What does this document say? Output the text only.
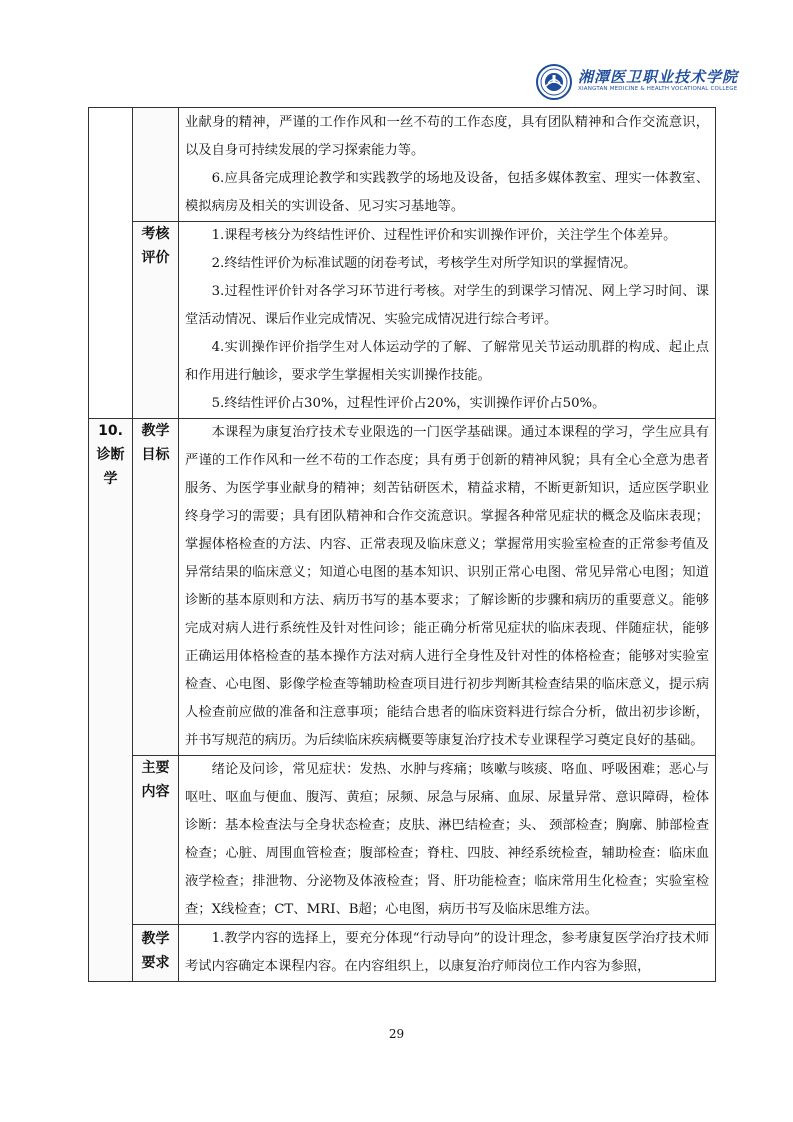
湘潭医卫职业技术学院
XIANGTAN MEDICINE & HEALTH VOCATIONAL COLLEGE

		业献身的精神，严谨的工作作风和一丝不苟的工作态度，具有团队精神和合作交流意识，以及自身可持续发展的学习探索能力等。

6.应具备完成理论教学和实践教学的场地及设备，包括多媒体教室、理实一体教室、模拟病房及相关的实训设备、见习实习基地等。

	考核评价	1.课程考核分为终结性评价、过程性评价和实训操作评价，关注学生个体差异。

2.终结性评价为标准试题的闭卷考试，考核学生对所学知识的掌握情况。

3.过程性评价针对各学习环节进行考核。对学生的到课学习情况、网上学习时间、课堂活动情况、课后作业完成情况、实验完成情况进行综合考评。

4.实训操作评价指学生对人体运动学的了解、了解常见关节运动肌群的构成、起止点和作用进行触诊，要求学生掌握相关实训操作技能。

5.终结性评价占30%，过程性评价占20%，实训操作评价占50%。

10.
诊断学	教学目标	本课程为康复治疗技术专业限选的一门医学基础课。通过本课程的学习，学生应具有严谨的工作作风和一丝不苟的工作态度；具有勇于创新的精神风貌；具有全心全意为患者服务、为医学事业献身的精神；刻苦钻研医术，精益求精，不断更新知识，适应医学职业终身学习的需要；具有团队精神和合作交流意识。掌握各种常见症状的概念及临床表现；掌握体格检查的方法、内容、正常表现及临床意义；掌握常用实验室检查的正常参考值及异常结果的临床意义；知道心电图的基本知识、识别正常心电图、常见异常心电图；知道诊断的基本原则和方法、病历书写的基本要求；了解诊断的步骤和病历的重要意义。能够完成对病人进行系统性及针对性问诊；能正确分析常见症状的临床表现、伴随症状，能够正确运用体格检查的基本操作方法对病人进行全身性及针对性的体格检查；能够对实验室检查、心电图、影像学检查等辅助检查项目进行初步判断其检查结果的临床意义，提示病人检查前应做的准备和注意事项；能结合患者的临床资料进行综合分析，做出初步诊断，并书写规范的病历。为后续临床疾病概要等康复治疗技术专业课程学习奠定良好的基础。

	主要内容	绪论及问诊，常见症状：发热、水肿与疼痛；咳嗽与咳痰、咯血、呼吸困难；恶心与呕吐、呕血与便血、腹泻、黄疸；尿频、尿急与尿痛、血尿、尿量异常、意识障碍，检体诊断：基本检查法与全身状态检查；皮肤、淋巴结检查；头、 颈部检查；胸廓、肺部检查检查；心脏、周围血管检查；腹部检查；脊柱、四肢、神经系统检查，辅助检查：临床血液学检查；排泄物、分泌物及体液检查；肾、肝功能检查；临床常用生化检查；实验室检查；X线检查；CT、MRI、B超；心电图，病历书写及临床思维方法。

	教学要求	1.教学内容的选择上，要充分体现“行动导向”的设计理念，参考康复医学治疗技术师考试内容确定本课程内容。在内容组织上，以康复治疗师岗位工作内容为参照，

29
